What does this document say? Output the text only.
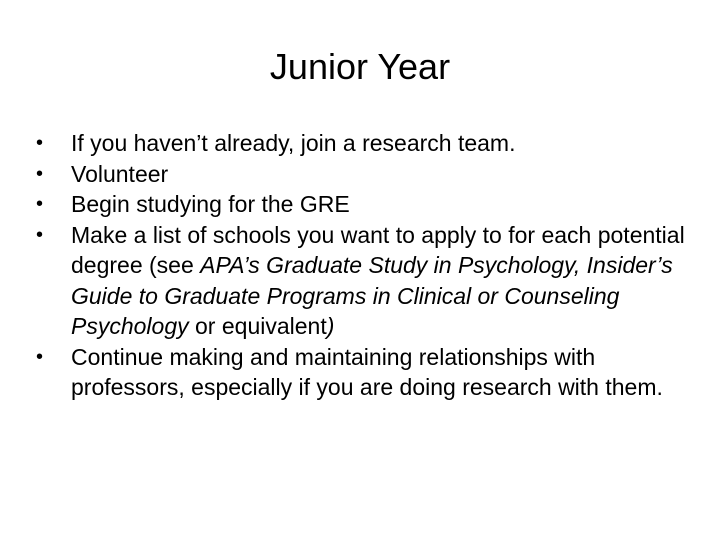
Junior Year
•	If you haven’t already, join a research team.
•	Volunteer
•	Begin studying for the GRE
•	Make a list of schools you want to apply to for each potential degree (see APA’s Graduate Study in Psychology, Insider’s Guide to Graduate Programs in Clinical or Counseling Psychology or equivalent)
•	Continue making and maintaining relationships with professors, especially if you are doing research with them.
